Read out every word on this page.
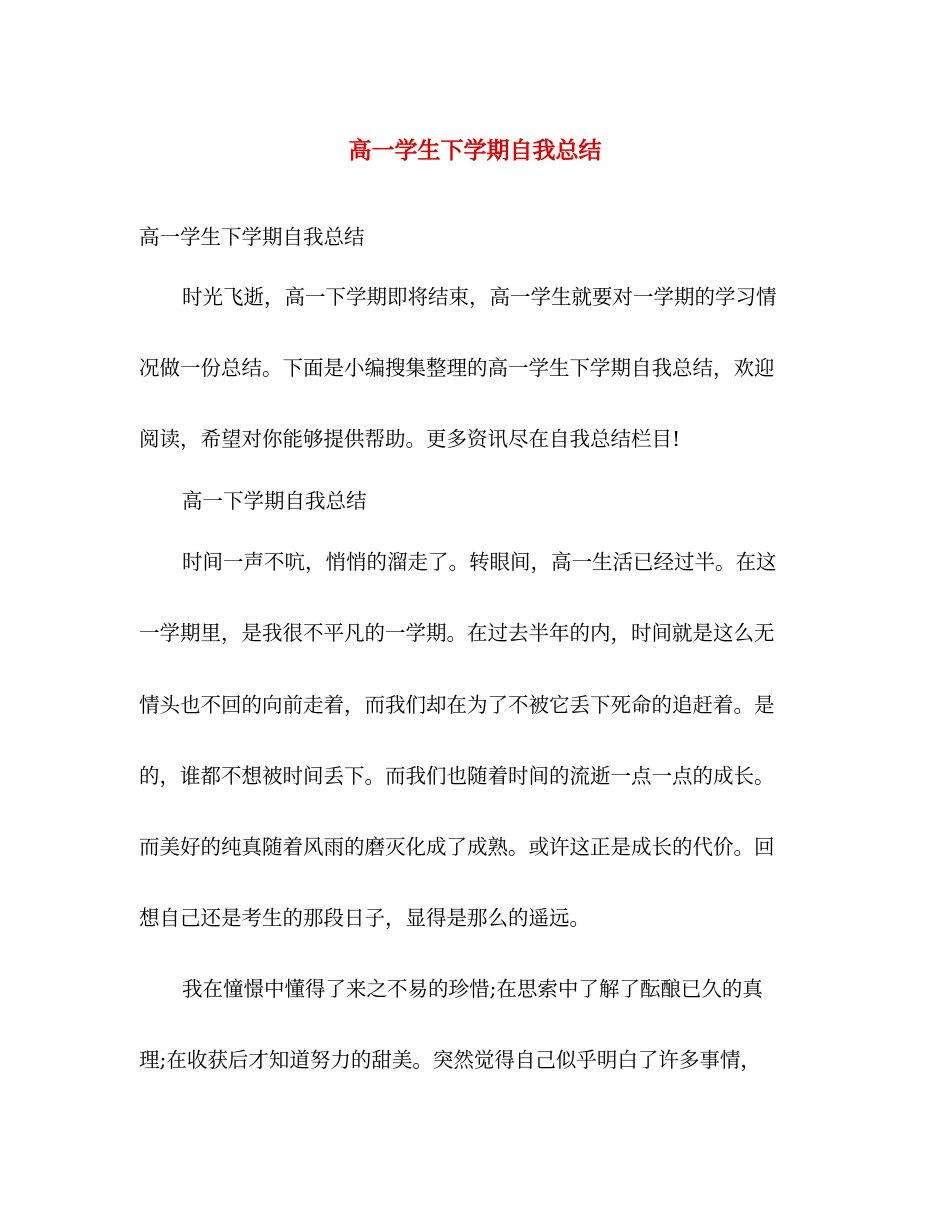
高一学生下学期自我总结
高一学生下学期自我总结
时光飞逝，高一下学期即将结束，高一学生就要对一学期的学习情
况做一份总结。下面是小编搜集整理的高一学生下学期自我总结，欢迎
阅读，希望对你能够提供帮助。更多资讯尽在自我总结栏目!
高一下学期自我总结
时间一声不吭，悄悄的溜走了。转眼间，高一生活已经过半。在这
一学期里，是我很不平凡的一学期。在过去半年的内，时间就是这么无
情头也不回的向前走着，而我们却在为了不被它丢下死命的追赶着。是
的，谁都不想被时间丢下。而我们也随着时间的流逝一点一点的成长。
而美好的纯真随着风雨的磨灭化成了成熟。或许这正是成长的代价。回
想自己还是考生的那段日子，显得是那么的遥远。
我在憧憬中懂得了来之不易的珍惜;在思索中了解了酝酿已久的真
理;在收获后才知道努力的甜美。突然觉得自己似乎明白了许多事情，
